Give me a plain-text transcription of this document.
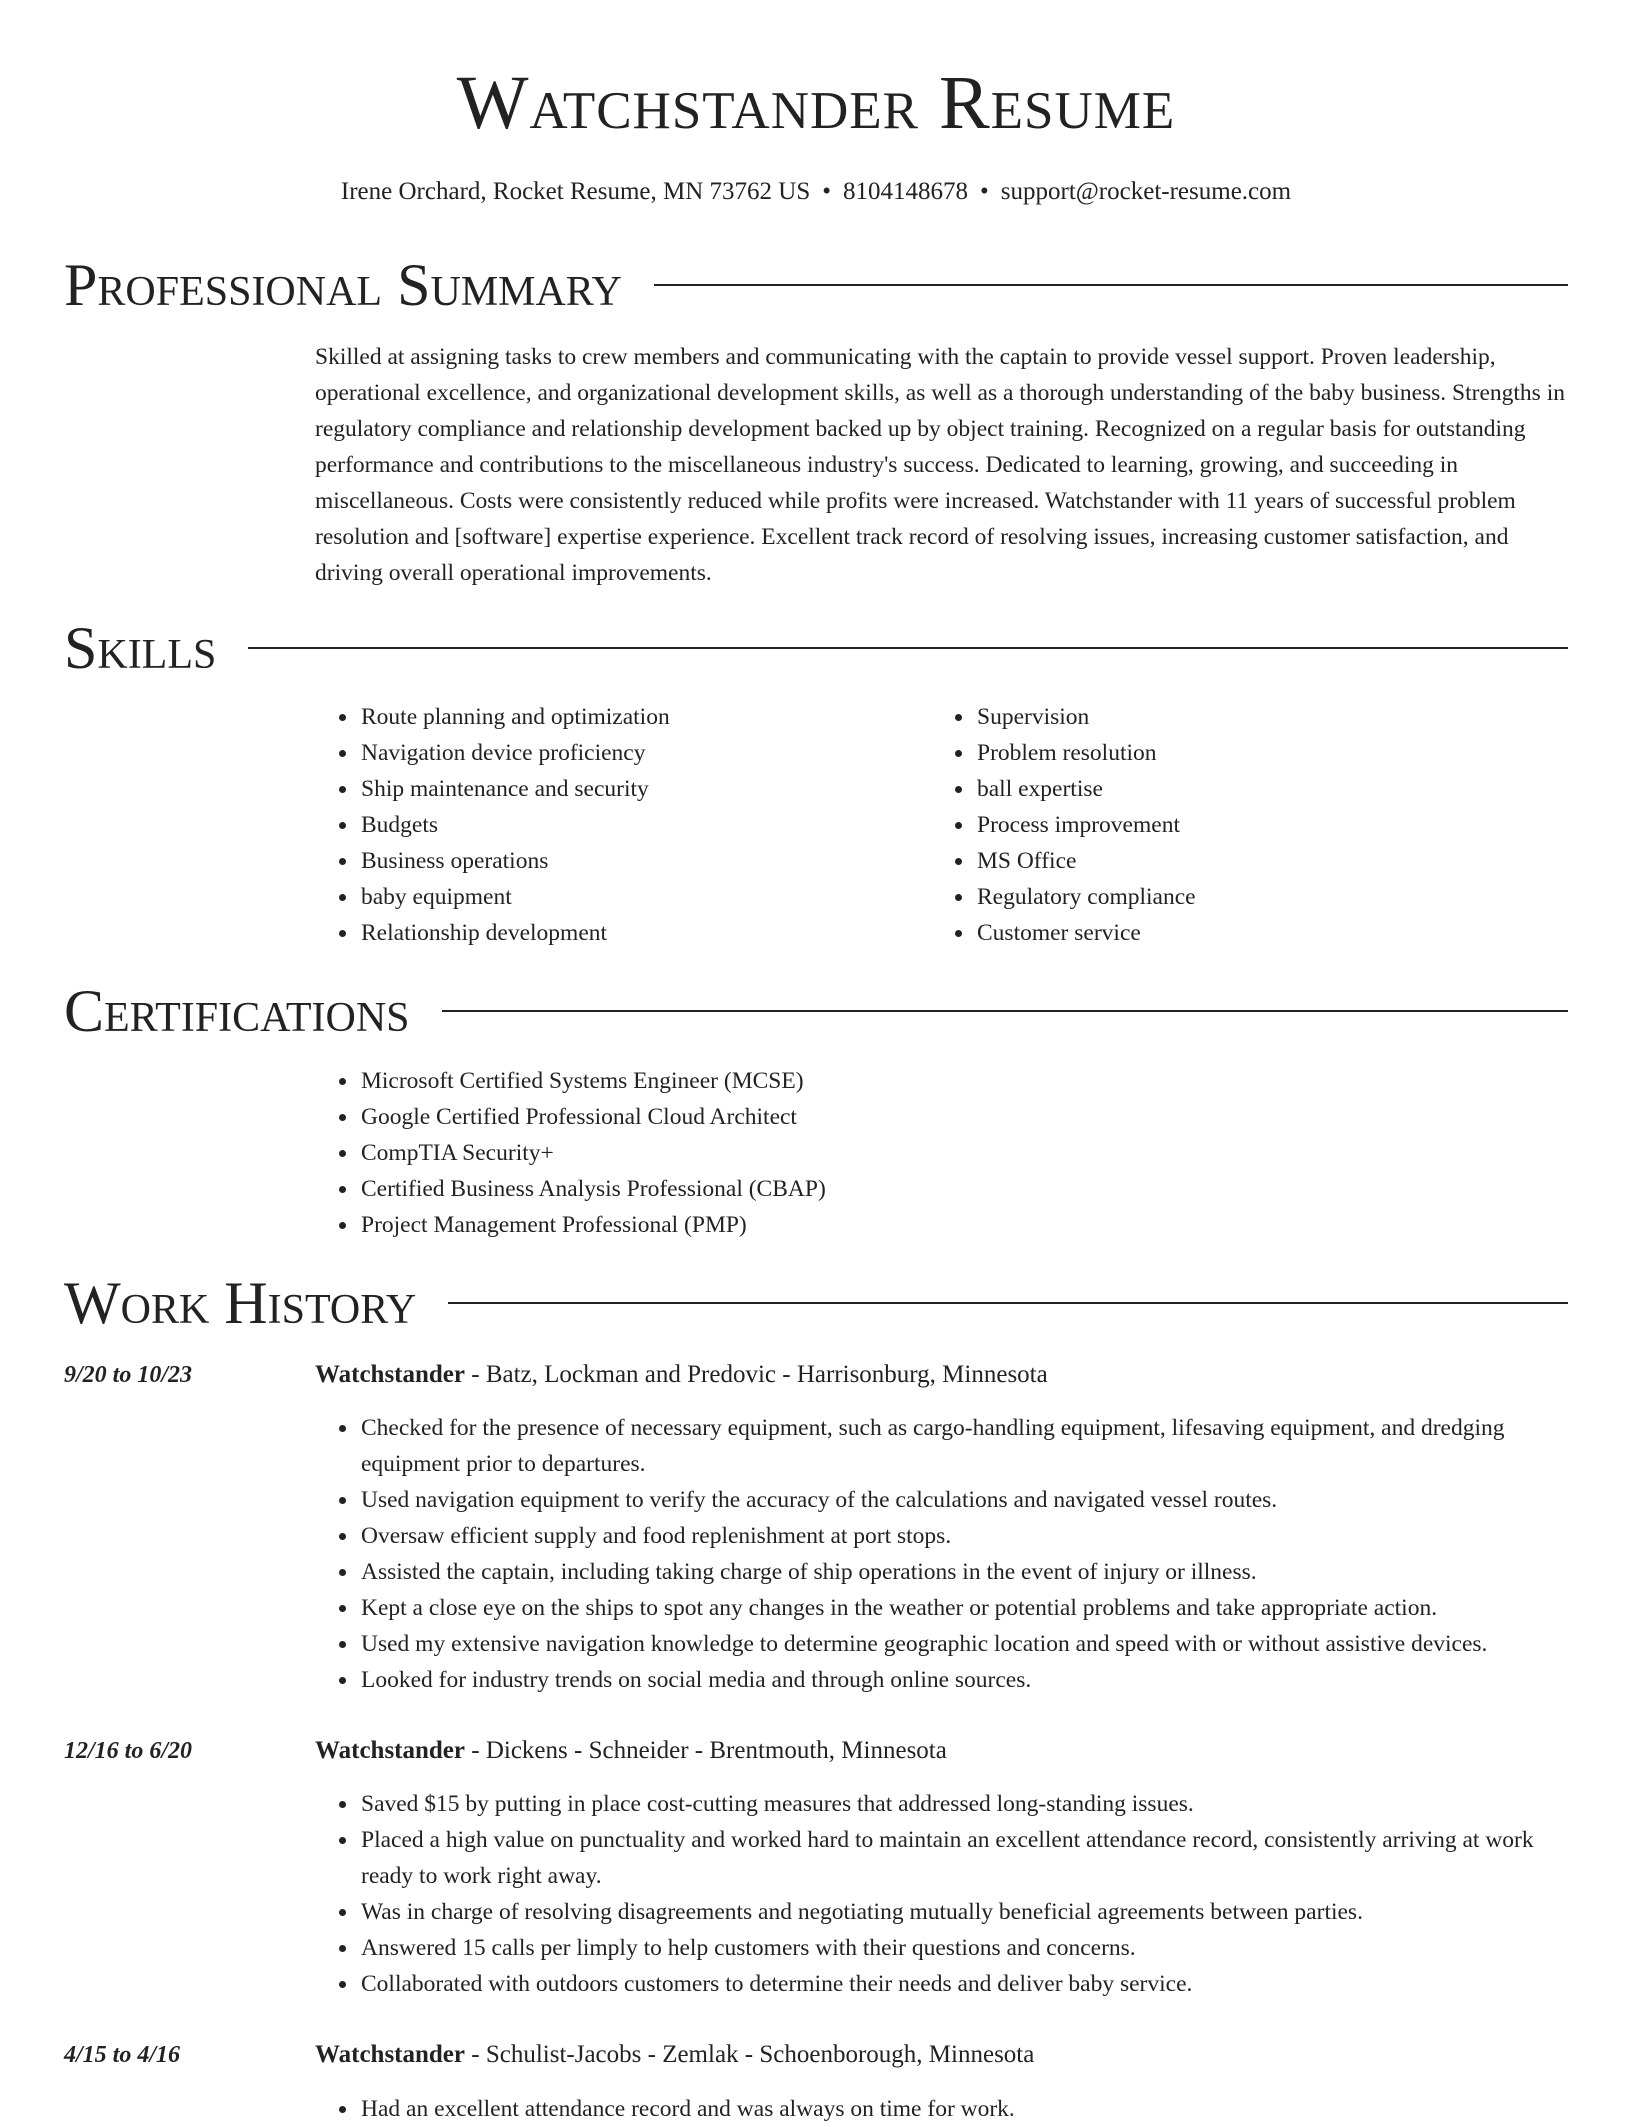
Watchstander Resume
Irene Orchard, Rocket Resume, MN 73762 US • 8104148678 • support@rocket-resume.com
Professional Summary

Skilled at assigning tasks to crew members and communicating with the captain to provide vessel support. Proven leadership, operational excellence, and organizational development skills, as well as a thorough understanding of the baby business. Strengths in regulatory compliance and relationship development backed up by object training. Recognized on a regular basis for outstanding performance and contributions to the miscellaneous industry's success. Dedicated to learning, growing, and succeeding in miscellaneous. Costs were consistently reduced while profits were increased. Watchstander with 11 years of successful problem resolution and [software] expertise experience. Excellent track record of resolving issues, increasing customer satisfaction, and driving overall operational improvements.

Skills
• Route planning and optimization
• Navigation device proficiency
• Ship maintenance and security
• Budgets
• Business operations
• baby equipment
• Relationship development
• Supervision
• Problem resolution
• ball expertise
• Process improvement
• MS Office
• Regulatory compliance
• Customer service
Certifications
• Microsoft Certified Systems Engineer (MCSE)
• Google Certified Professional Cloud Architect
• CompTIA Security+
• Certified Business Analysis Professional (CBAP)
• Project Management Professional (PMP)
Work History
9/20 to 10/23	Watchstander - Batz, Lockman and Predovic - Harrisonburg, Minnesota
• Checked for the presence of necessary equipment, such as cargo-handling equipment, lifesaving equipment, and dredging equipment prior to departures.
• Used navigation equipment to verify the accuracy of the calculations and navigated vessel routes.
• Oversaw efficient supply and food replenishment at port stops.
• Assisted the captain, including taking charge of ship operations in the event of injury or illness.
• Kept a close eye on the ships to spot any changes in the weather or potential problems and take appropriate action.
• Used my extensive navigation knowledge to determine geographic location and speed with or without assistive devices.
• Looked for industry trends on social media and through online sources.
12/16 to 6/20	Watchstander - Dickens - Schneider - Brentmouth, Minnesota
• Saved $15 by putting in place cost-cutting measures that addressed long-standing issues.
• Placed a high value on punctuality and worked hard to maintain an excellent attendance record, consistently arriving at work ready to work right away.
• Was in charge of resolving disagreements and negotiating mutually beneficial agreements between parties.
• Answered 15 calls per limply to help customers with their questions and concerns.
• Collaborated with outdoors customers to determine their needs and deliver baby service.
4/15 to 4/16	Watchstander - Schulist-Jacobs - Zemlak - Schoenborough, Minnesota
• Had an excellent attendance record and was always on time for work.
